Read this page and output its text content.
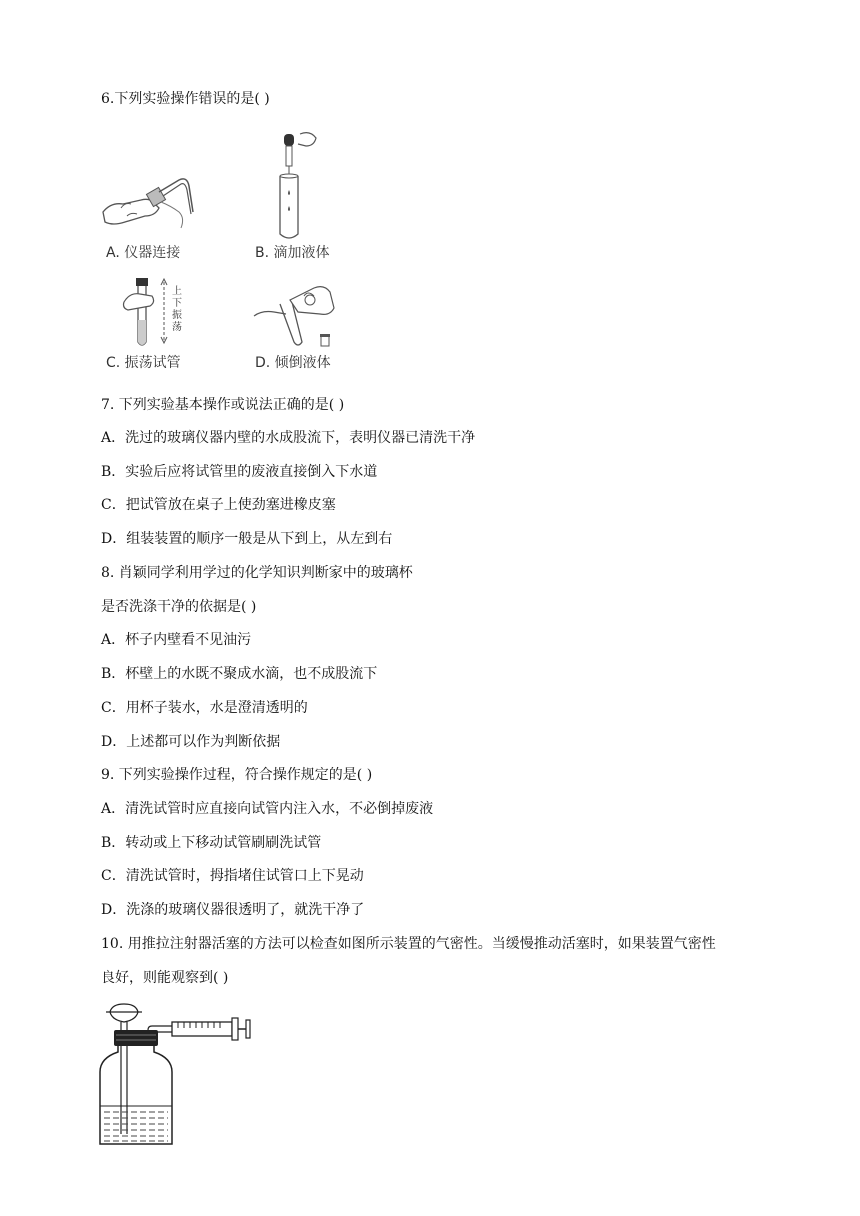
6.下列实验操作错误的是( )
A. 仪器连接	B. 滴加液体
上下振荡
C. 振荡试管	D. 倾倒液体
7. 下列实验基本操作或说法正确的是( )
A．洗过的玻璃仪器内壁的水成股流下，表明仪器已清洗干净
B．实验后应将试管里的废液直接倒入下水道
C．把试管放在桌子上使劲塞进橡皮塞
D．组装装置的顺序一般是从下到上，从左到右
8. 肖颖同学利用学过的化学知识判断家中的玻璃杯
是否洗涤干净的依据是( )
A．杯子内壁看不见油污
B．杯壁上的水既不聚成水滴，也不成股流下
C．用杯子装水，水是澄清透明的
D．上述都可以作为判断依据
9. 下列实验操作过程，符合操作规定的是( )
A．清洗试管时应直接向试管内注入水，不必倒掉废液
B．转动或上下移动试管刷刷洗试管
C．清洗试管时，拇指堵住试管口上下晃动
D．洗涤的玻璃仪器很透明了，就洗干净了
10. 用推拉注射器活塞的方法可以检查如图所示装置的气密性。当缓慢推动活塞时，如果装置气密性
良好，则能观察到( )
